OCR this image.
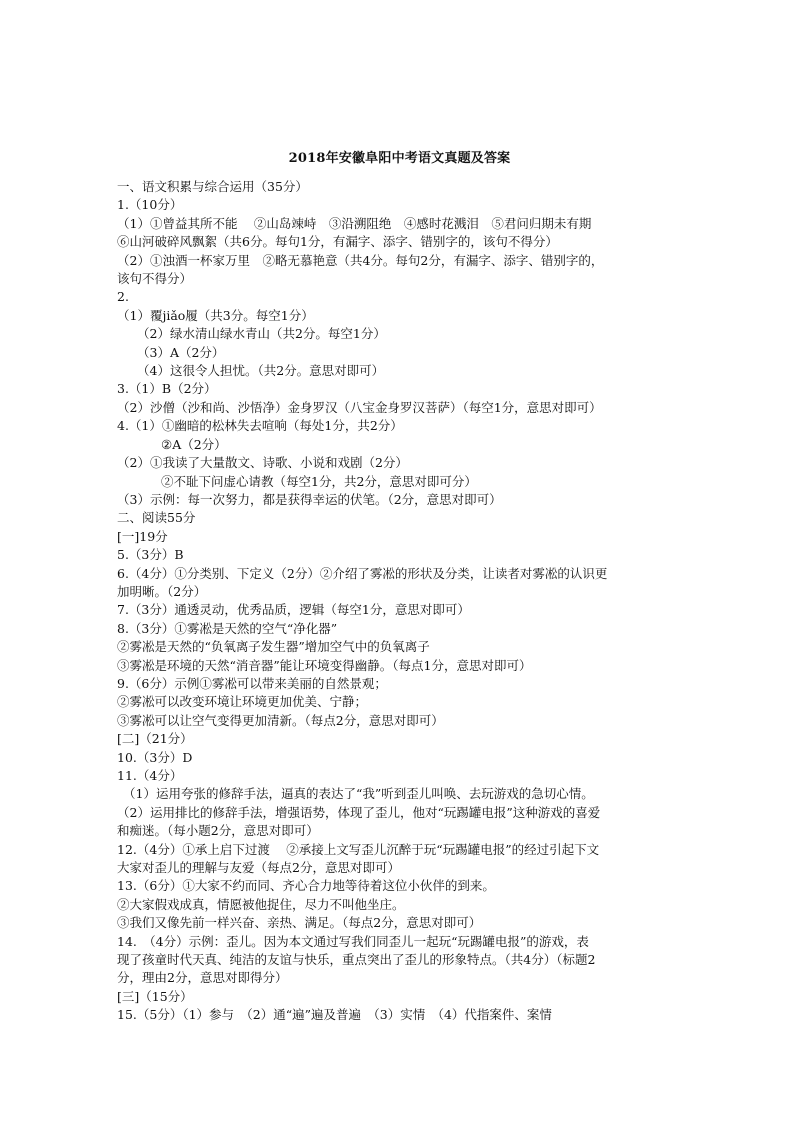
2018年安徽阜阳中考语文真题及答案
一、语文积累与综合运用（35分）
1.（10分）
（1）①曾益其所不能　 ②山岛竦峙　③沿溯阻绝　④感时花溅泪　⑤君问归期未有期
⑥山河破碎风飘絮（共6分。每句1分，有漏字、添字、错别字的，该句不得分）
（2）①浊酒一杯家万里　②略无慕艳意（共4分。每句2分，有漏字、添字、错别字的，
该句不得分）
2.
（1）覆jiǎo履（共3分。每空1分）
（2）绿水清山绿水青山（共2分。每空1分）
（3）A（2分）
（4）这很令人担忧。（共2分。意思对即可）
3.（1）B（2分）
（2）沙僧（沙和尚、沙悟净）金身罗汉（八宝金身罗汉菩萨）（每空1分，意思对即可）
4.（1）①幽暗的松林失去喧响（每处1分，共2分）
②A（2分）
（2）①我读了大量散文、诗歌、小说和戏剧（2分）
②不耻下问虚心请教（每空1分，共2分，意思对即可分）
（3）示例：每一次努力，都是获得幸运的伏笔。（2分，意思对即可）
二、阅读55分
[一]19分
5.（3分）B
6.（4分）①分类别、下定义（2分）②介绍了雾凇的形状及分类，让读者对雾凇的认识更
加明晰。（2分）
7.（3分）通透灵动，优秀品质，逻辑（每空1分，意思对即可）
8.（3分）①雾凇是天然的空气“净化器”
②雾凇是天然的“负氧离子发生器”增加空气中的负氧离子
③雾凇是环境的天然“消音器”能让环境变得幽静。（每点1分，意思对即可）
9.（6分）示例①雾凇可以带来美丽的自然景观；
②雾凇可以改变环境让环境更加优美、宁静；
③雾凇可以让空气变得更加清新。（每点2分，意思对即可）
[二]（21分）
10.（3分）D
11.（4分）
（1）运用夸张的修辞手法，逼真的表达了“我”听到歪儿叫唤、去玩游戏的急切心情。
（2）运用排比的修辞手法，增强语势，体现了歪儿，他对“玩踢罐电报”这种游戏的喜爱
和痴迷。（每小题2分，意思对即可）
12.（4分）①承上启下过渡　 ②承接上文写歪儿沉醉于玩“玩踢罐电报”的经过引起下文
大家对歪儿的理解与友爱（每点2分，意思对即可）
13.（6分）①大家不约而同、齐心合力地等待着这位小伙伴的到来。
②大家假戏成真，情愿被他捉住，尽力不叫他坐庄。
③我们又像先前一样兴奋、亲热、满足。（每点2分，意思对即可）
14.　（4分）示例：歪儿。因为本文通过写我们同歪儿一起玩“玩踢罐电报”的游戏，表
现了孩童时代天真、纯洁的友谊与快乐，重点突出了歪儿的形象特点。（共4分）（标题2
分，理由2分，意思对即得分）
[三]（15分）
15.（5分）（1）参与　（2）通“遍”遍及普遍　（3）实情　（4）代指案件、案情
